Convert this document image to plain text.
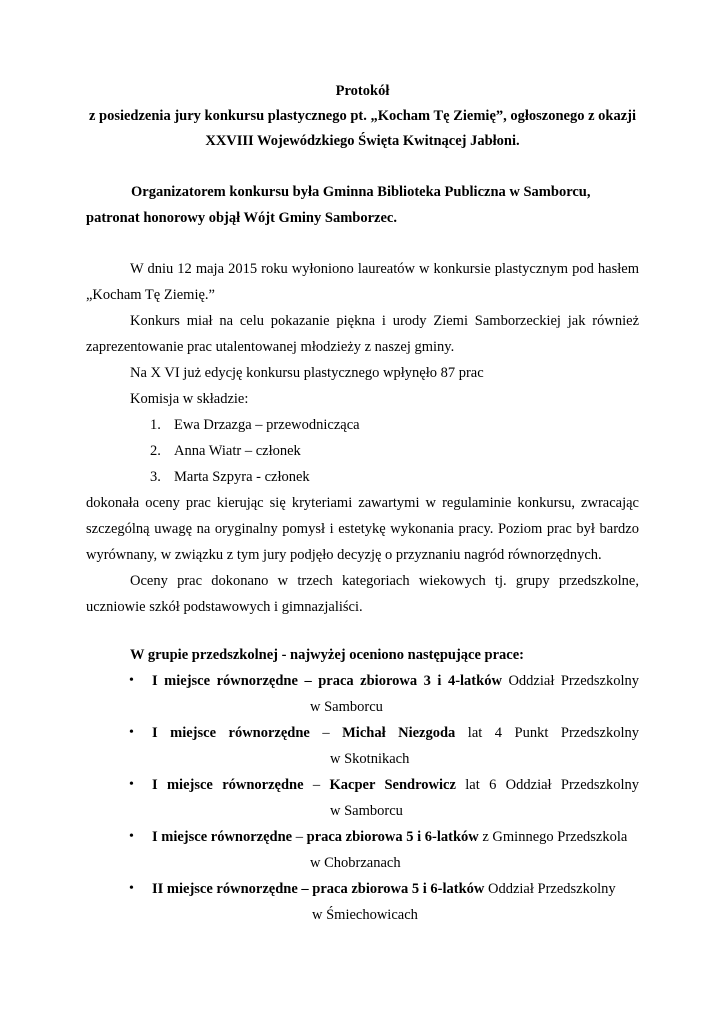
Protokół
z posiedzenia jury konkursu plastycznego pt. „Kocham Tę Ziemię”, ogłoszonego z okazji
XXVIII Wojewódzkiego Święta Kwitnącej Jabłoni.
Organizatorem konkursu była Gminna Biblioteka Publiczna w Samborcu,
patronat honorowy objął Wójt Gminy Samborzec.
W dniu 12 maja 2015 roku wyłoniono laureatów w konkursie plastycznym pod hasłem „Kocham Tę Ziemię.”
Konkurs miał na celu pokazanie piękna i urody Ziemi Samborzeckiej jak również zaprezentowanie prac utalentowanej młodzieży z naszej gminy.
Na X VI już edycję konkursu plastycznego wpłynęło 87 prac
Komisja w składzie:
1. Ewa Drzazga – przewodnicząca
2. Anna Wiatr – członek
3. Marta Szpyra - członek
dokonała oceny prac kierując się kryteriami zawartymi w regulaminie konkursu, zwracając szczególną uwagę na oryginalny pomysł i estetykę wykonania pracy. Poziom prac był bardzo wyrównany, w związku z tym jury podjęło decyzję o przyznaniu nagród równorzędnych.
Oceny prac dokonano w trzech kategoriach wiekowych tj. grupy przedszkolne, uczniowie szkół podstawowych i gimnazjaliści.
W grupie przedszkolnej - najwyżej oceniono następujące prace:
• I miejsce równorzędne – praca zbiorowa 3 i 4-latków Oddział Przedszkolny
w Samborcu
• I miejsce równorzędne – Michał Niezgoda lat 4 Punkt Przedszkolny
w Skotnikach
• I miejsce równorzędne – Kacper Sendrowicz lat 6 Oddział Przedszkolny
w Samborcu
• I miejsce równorzędne – praca zbiorowa 5 i 6-latków z Gminnego Przedszkola
w Chobrzanach
• II miejsce równorzędne – praca zbiorowa 5 i 6-latków Oddział Przedszkolny
w Śmiechowicach
